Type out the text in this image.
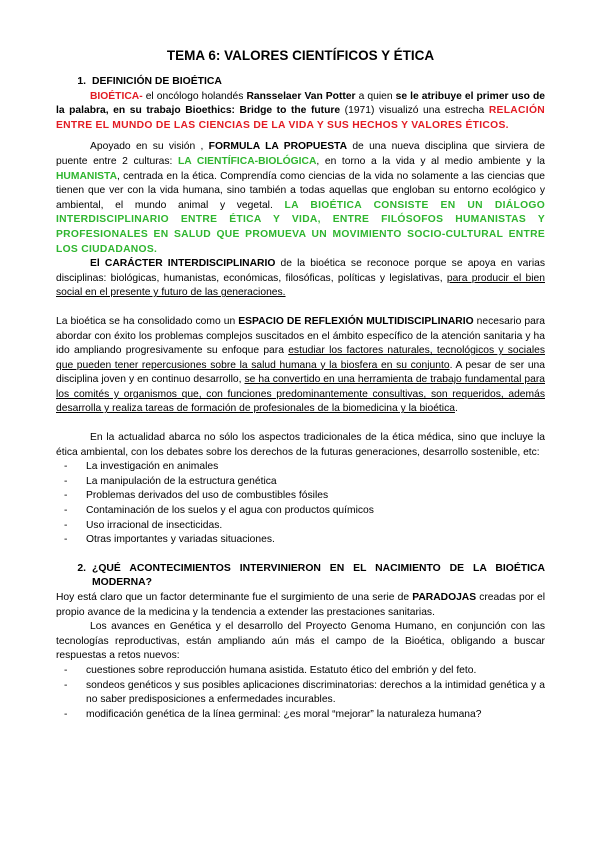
TEMA 6: VALORES CIENTÍFICOS Y ÉTICA
1. DEFINICIÓN DE BIOÉTICA

BIOÉTICA- el oncólogo holandés Ransselaer Van Potter a quien se le atribuye el primer uso de la palabra, en su trabajo Bioethics: Bridge to the future (1971) visualizó una estrecha RELACIÓN ENTRE EL MUNDO DE LAS CIENCIAS DE LA VIDA Y SUS HECHOS Y VALORES ÉTICOS.

Apoyado en su visión , FORMULA LA PROPUESTA de una nueva disciplina que sirviera de puente entre 2 culturas: LA CIENTÍFICA-BIOLÓGICA, en torno a la vida y al medio ambiente y la HUMANISTA, centrada en la ética. Comprendía como ciencias de la vida no solamente a las ciencias que tienen que ver con la vida humana, sino también a todas aquellas que engloban su entorno ecológico y ambiental, el mundo animal y vegetal. LA BIOÉTICA CONSISTE EN UN DIÁLOGO INTERDISCIPLINARIO ENTRE ÉTICA Y VIDA, ENTRE FILÓSOFOS HUMANISTAS Y PROFESIONALES EN SALUD QUE PROMUEVA UN MOVIMIENTO SOCIO-CULTURAL ENTRE LOS CIUDADANOS.

El CARÁCTER INTERDISCIPLINARIO de la bioética se reconoce porque se apoya en varias disciplinas: biológicas, humanistas, económicas, filosóficas, políticas y legislativas, para producir el bien social en el presente y futuro de las generaciones.

La bioética se ha consolidado como un ESPACIO DE REFLEXIÓN MULTIDISCIPLINARIO necesario para abordar con éxito los problemas complejos suscitados en el ámbito específico de la atención sanitaria y ha ido ampliando progresivamente su enfoque para estudiar los factores naturales, tecnológicos y sociales que pueden tener repercusiones sobre la salud humana y la biosfera en su conjunto. A pesar de ser una disciplina joven y en continuo desarrollo, se ha convertido en una herramienta de trabajo fundamental para los comités y organismos que, con funciones predominantemente consultivas, son requeridos, además desarrolla y realiza tareas de formación de profesionales de la biomedicina y la bioética.

En la actualidad abarca no sólo los aspectos tradicionales de la ética médica, sino que incluye la ética ambiental, con los debates sobre los derechos de la futuras generaciones, desarrollo sostenible, etc:

- La investigación en animales
- La manipulación de la estructura genética
- Problemas derivados del uso de combustibles fósiles
- Contaminación de los suelos y el agua con productos químicos
- Uso irracional de insecticidas.
- Otras importantes y variadas situaciones.
2. ¿QUÉ ACONTECIMIENTOS INTERVINIERON EN EL NACIMIENTO DE LA BIOÉTICA MODERNA?

Hoy está claro que un factor determinante fue el surgimiento de una serie de PARADOJAS creadas por el propio avance de la medicina y la tendencia a extender las prestaciones sanitarias.

Los avances en Genética y el desarrollo del Proyecto Genoma Humano, en conjunción con las tecnologías reproductivas, están ampliando aún más el campo de la Bioética, obligando a buscar respuestas a retos nuevos:

- cuestiones sobre reproducción humana asistida. Estatuto ético del embrión y del feto.
- sondeos genéticos y sus posibles aplicaciones discriminatorias: derechos a la intimidad genética y a no saber predisposiciones a enfermedades incurables.
- modificación genética de la línea germinal: ¿es moral “mejorar” la naturaleza humana?
